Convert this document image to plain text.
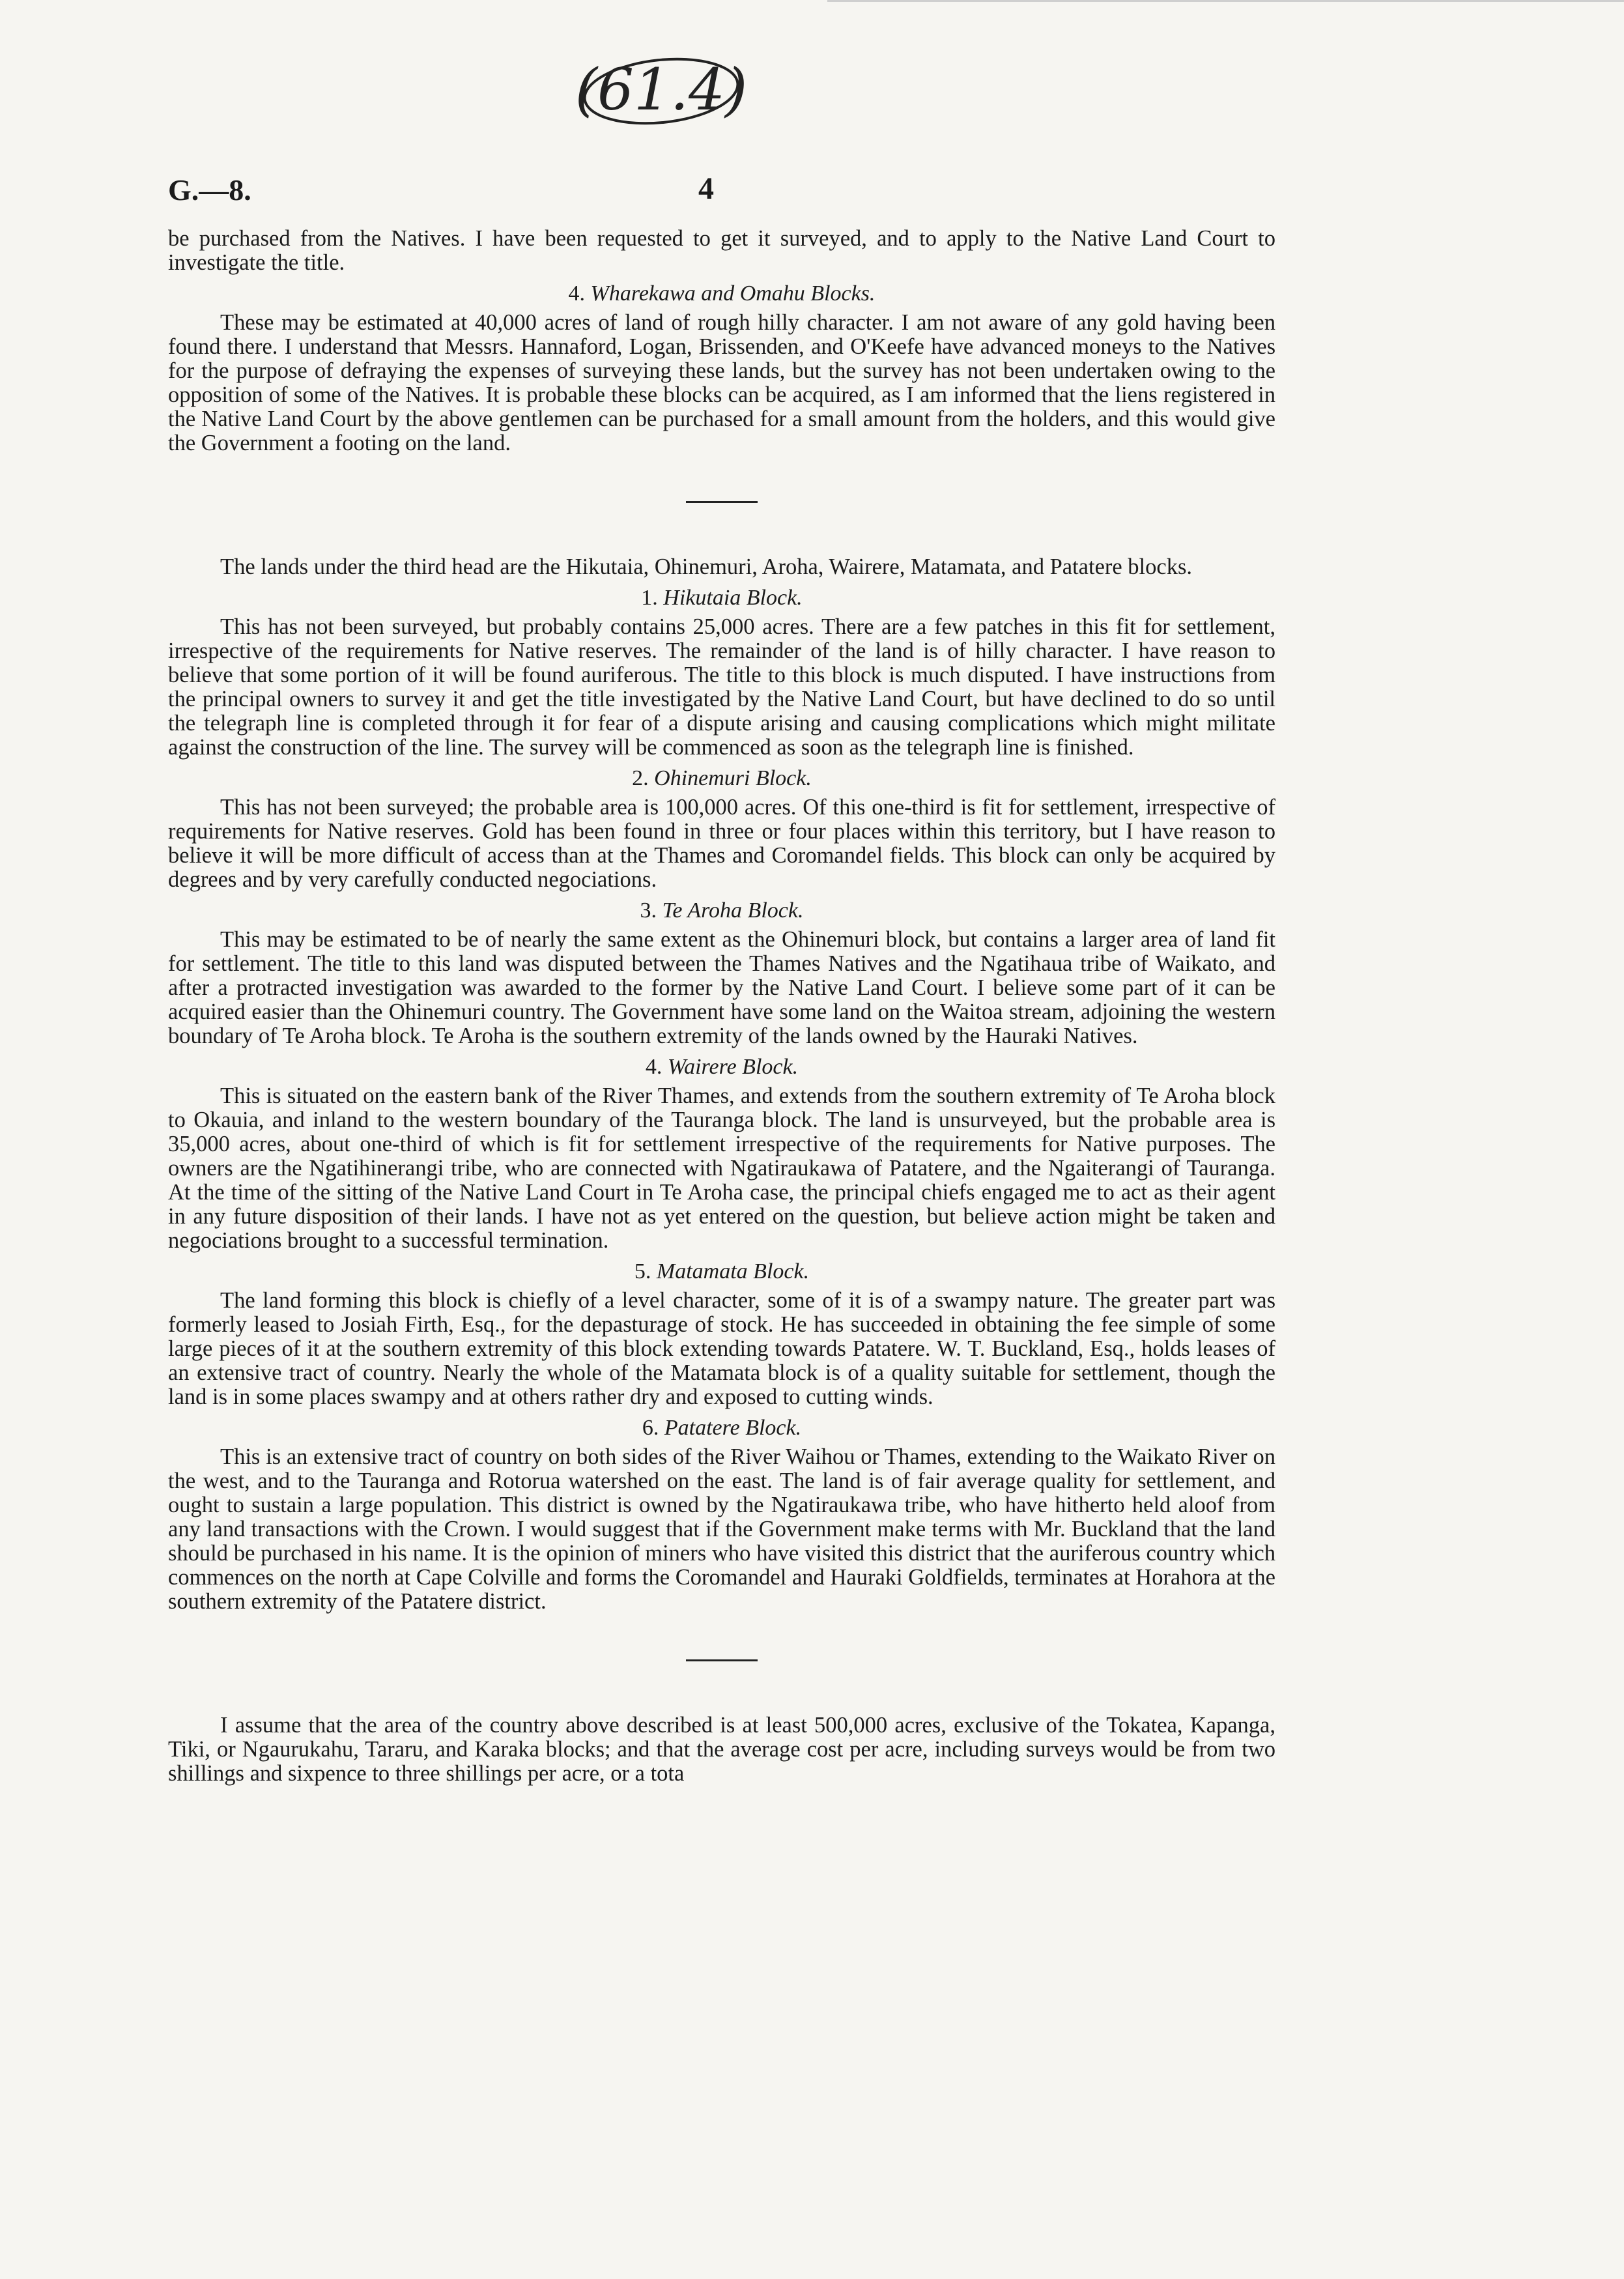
(61.4)
G.—8.	4

be purchased from the Natives. I have been requested to get it surveyed, and to apply to the Native Land Court to investigate the title.

4. Wharekawa and Omahu Blocks.

These may be estimated at 40,000 acres of land of rough hilly character. I am not aware of any gold having been found there. I understand that Messrs. Hannaford, Logan, Brissenden, and O'Keefe have advanced moneys to the Natives for the purpose of defraying the expenses of surveying these lands, but the survey has not been undertaken owing to the opposition of some of the Natives. It is probable these blocks can be acquired, as I am informed that the liens registered in the Native Land Court by the above gentlemen can be purchased for a small amount from the holders, and this would give the Government a footing on the land.

The lands under the third head are the Hikutaia, Ohinemuri, Aroha, Wairere, Matamata, and Patatere blocks.

1. Hikutaia Block.

This has not been surveyed, but probably contains 25,000 acres. There are a few patches in this fit for settlement, irrespective of the requirements for Native reserves. The remainder of the land is of hilly character. I have reason to believe that some portion of it will be found auriferous. The title to this block is much disputed. I have instructions from the principal owners to survey it and get the title investigated by the Native Land Court, but have declined to do so until the telegraph line is completed through it for fear of a dispute arising and causing complications which might militate against the construction of the line. The survey will be commenced as soon as the telegraph line is finished.

2. Ohinemuri Block.

This has not been surveyed; the probable area is 100,000 acres. Of this one-third is fit for settlement, irrespective of requirements for Native reserves. Gold has been found in three or four places within this territory, but I have reason to believe it will be more difficult of access than at the Thames and Coromandel fields. This block can only be acquired by degrees and by very carefully conducted negociations.

3. Te Aroha Block.

This may be estimated to be of nearly the same extent as the Ohinemuri block, but contains a larger area of land fit for settlement. The title to this land was disputed between the Thames Natives and the Ngatihaua tribe of Waikato, and after a protracted investigation was awarded to the former by the Native Land Court. I believe some part of it can be acquired easier than the Ohinemuri country. The Government have some land on the Waitoa stream, adjoining the western boundary of Te Aroha block. Te Aroha is the southern extremity of the lands owned by the Hauraki Natives.

4. Wairere Block.

This is situated on the eastern bank of the River Thames, and extends from the southern extremity of Te Aroha block to Okauia, and inland to the western boundary of the Tauranga block. The land is unsurveyed, but the probable area is 35,000 acres, about one-third of which is fit for settlement irrespective of the requirements for Native purposes. The owners are the Ngatihinerangi tribe, who are connected with Ngatiraukawa of Patatere, and the Ngaiterangi of Tauranga. At the time of the sitting of the Native Land Court in Te Aroha case, the principal chiefs engaged me to act as their agent in any future disposition of their lands. I have not as yet entered on the question, but believe action might be taken and negociations brought to a successful termination.

5. Matamata Block.

The land forming this block is chiefly of a level character, some of it is of a swampy nature. The greater part was formerly leased to Josiah Firth, Esq., for the depasturage of stock. He has succeeded in obtaining the fee simple of some large pieces of it at the southern extremity of this block extending towards Patatere. W. T. Buckland, Esq., holds leases of an extensive tract of country. Nearly the whole of the Matamata block is of a quality suitable for settlement, though the land is in some places swampy and at others rather dry and exposed to cutting winds.

6. Patatere Block.

This is an extensive tract of country on both sides of the River Waihou or Thames, extending to the Waikato River on the west, and to the Tauranga and Rotorua watershed on the east. The land is of fair average quality for settlement, and ought to sustain a large population. This district is owned by the Ngatiraukawa tribe, who have hitherto held aloof from any land transactions with the Crown. I would suggest that if the Government make terms with Mr. Buckland that the land should be purchased in his name. It is the opinion of miners who have visited this district that the auriferous country which commences on the north at Cape Colville and forms the Coromandel and Hauraki Goldfields, terminates at Horahora at the southern extremity of the Patatere district.

I assume that the area of the country above described is at least 500,000 acres, exclusive of the Tokatea, Kapanga, Tiki, or Ngaurukahu, Tararu, and Karaka blocks; and that the average cost per acre, including surveys would be from two shillings and sixpence to three shillings per acre, or a tota
